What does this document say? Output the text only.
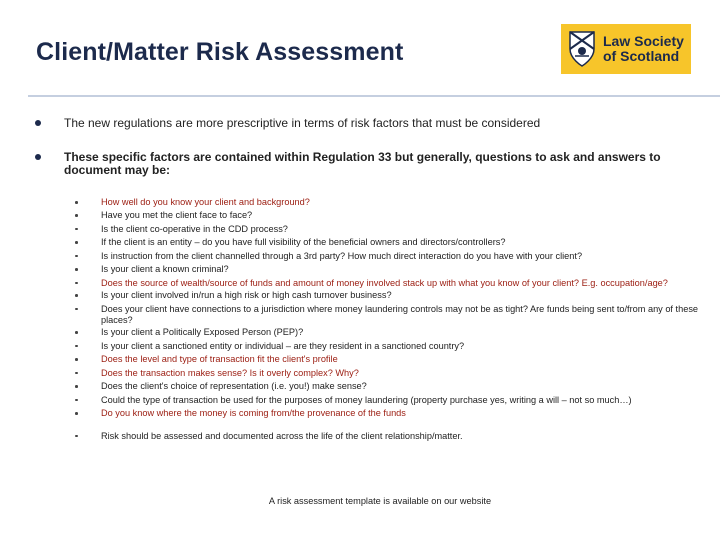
Client/Matter Risk Assessment	Law Society
of Scotland
The new regulations are more prescriptive in terms of risk factors that must be considered
These specific factors are contained within Regulation 33 but generally, questions to ask and answers to document may be:
How well do you know your client and background?
Have you met the client face to face?
Is the client co-operative in the CDD process?
If the client is an entity – do you have full visibility of the beneficial owners and directors/controllers?
Is instruction from the client channelled through a 3rd party? How much direct interaction do you have with your client?
Is your client a known criminal?
Does the source of wealth/source of funds and amount of money involved stack up with what you know of your client? E.g. occupation/age?
Is your client involved in/run a high risk or high cash turnover business?
Does your client have connections to a jurisdiction where money laundering controls may not be as tight? Are funds being sent to/from any of these places?
Is your client a Politically Exposed Person (PEP)?
Is your client a sanctioned entity or individual – are they resident in a sanctioned country?
Does the level and type of transaction fit the client's profile
Does the transaction makes sense? Is it overly complex? Why?
Does the client's choice of representation (i.e. you!) make sense?
Could the type of transaction be used for the purposes of money laundering (property purchase yes, writing a will – not so much…)
Do you know where the money is coming from/the provenance of the funds
Risk should be assessed and documented across the life of the client relationship/matter.
A risk assessment template is available on our website
